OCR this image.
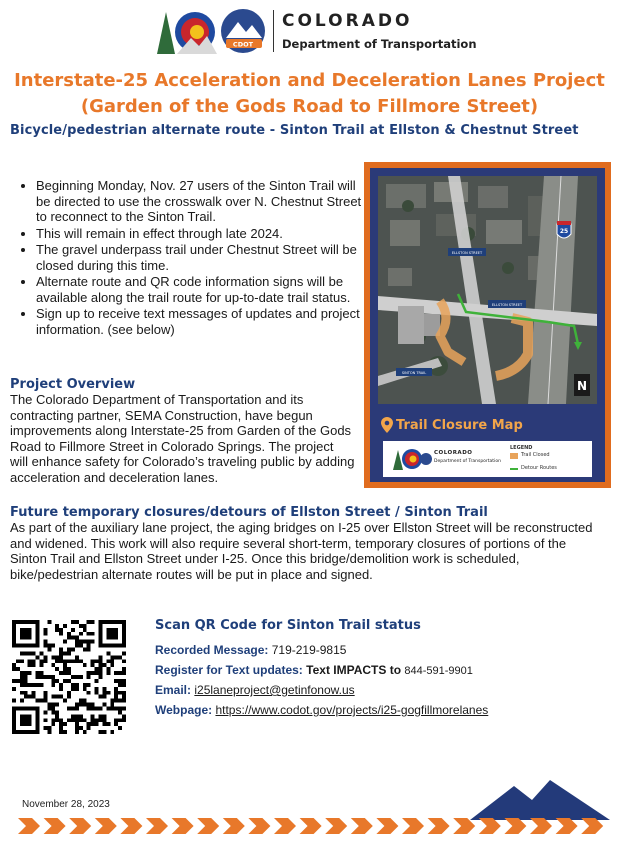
CDOT
COLORADO
Department of Transportation
Interstate-25 Acceleration and Deceleration Lanes Project
(Garden of the Gods Road to Fillmore Street)
Bicycle/pedestrian alternate route - Sinton Trail at Ellston & Chestnut Street
• Beginning Monday, Nov. 27 users of the Sinton Trail will be directed to use the crosswalk over N. Chestnut Street to reconnect to the Sinton Trail.
• This will remain in effect through late 2024.
• The gravel underpass trail under Chestnut Street will be closed during this time.
• Alternate route and QR code information signs will be available along the trail route for up-to-date trail status.
• Sign up to receive text messages of updates and project information. (see below)
Project Overview
The Colorado Department of Transportation and its contracting partner, SEMA Construction, have begun improvements along Interstate-25 from Garden of the Gods Road to Fillmore Street in Colorado Springs. The project will enhance safety for Colorado’s traveling public by adding acceleration and deceleration lanes.
ELLSTON STREET
ELLSTON STREET
SINTON TRAIL
25
N
Trail Closure Map
COLORADO
Department of Transportation
LEGEND
Trail Closed
Detour Routes
Future temporary closures/detours of Ellston Street / Sinton Trail
As part of the auxiliary lane project, the aging bridges on I-25 over Ellston Street will be reconstructed and widened. This work will also require several short-term, temporary closures of portions of the Sinton Trail and Ellston Street under I-25. Once this bridge/demolition work is scheduled, bike/pedestrian alternate routes will be put in place and signed.
Scan QR Code for Sinton Trail status
Recorded Message: 719-219-9815
Register for Text updates: Text IMPACTS to 844-591-9901
Email: i25laneproject@getinfonow.us
Webpage: https://www.codot.gov/projects/i25-gogfillmorelanes
November 28, 2023
